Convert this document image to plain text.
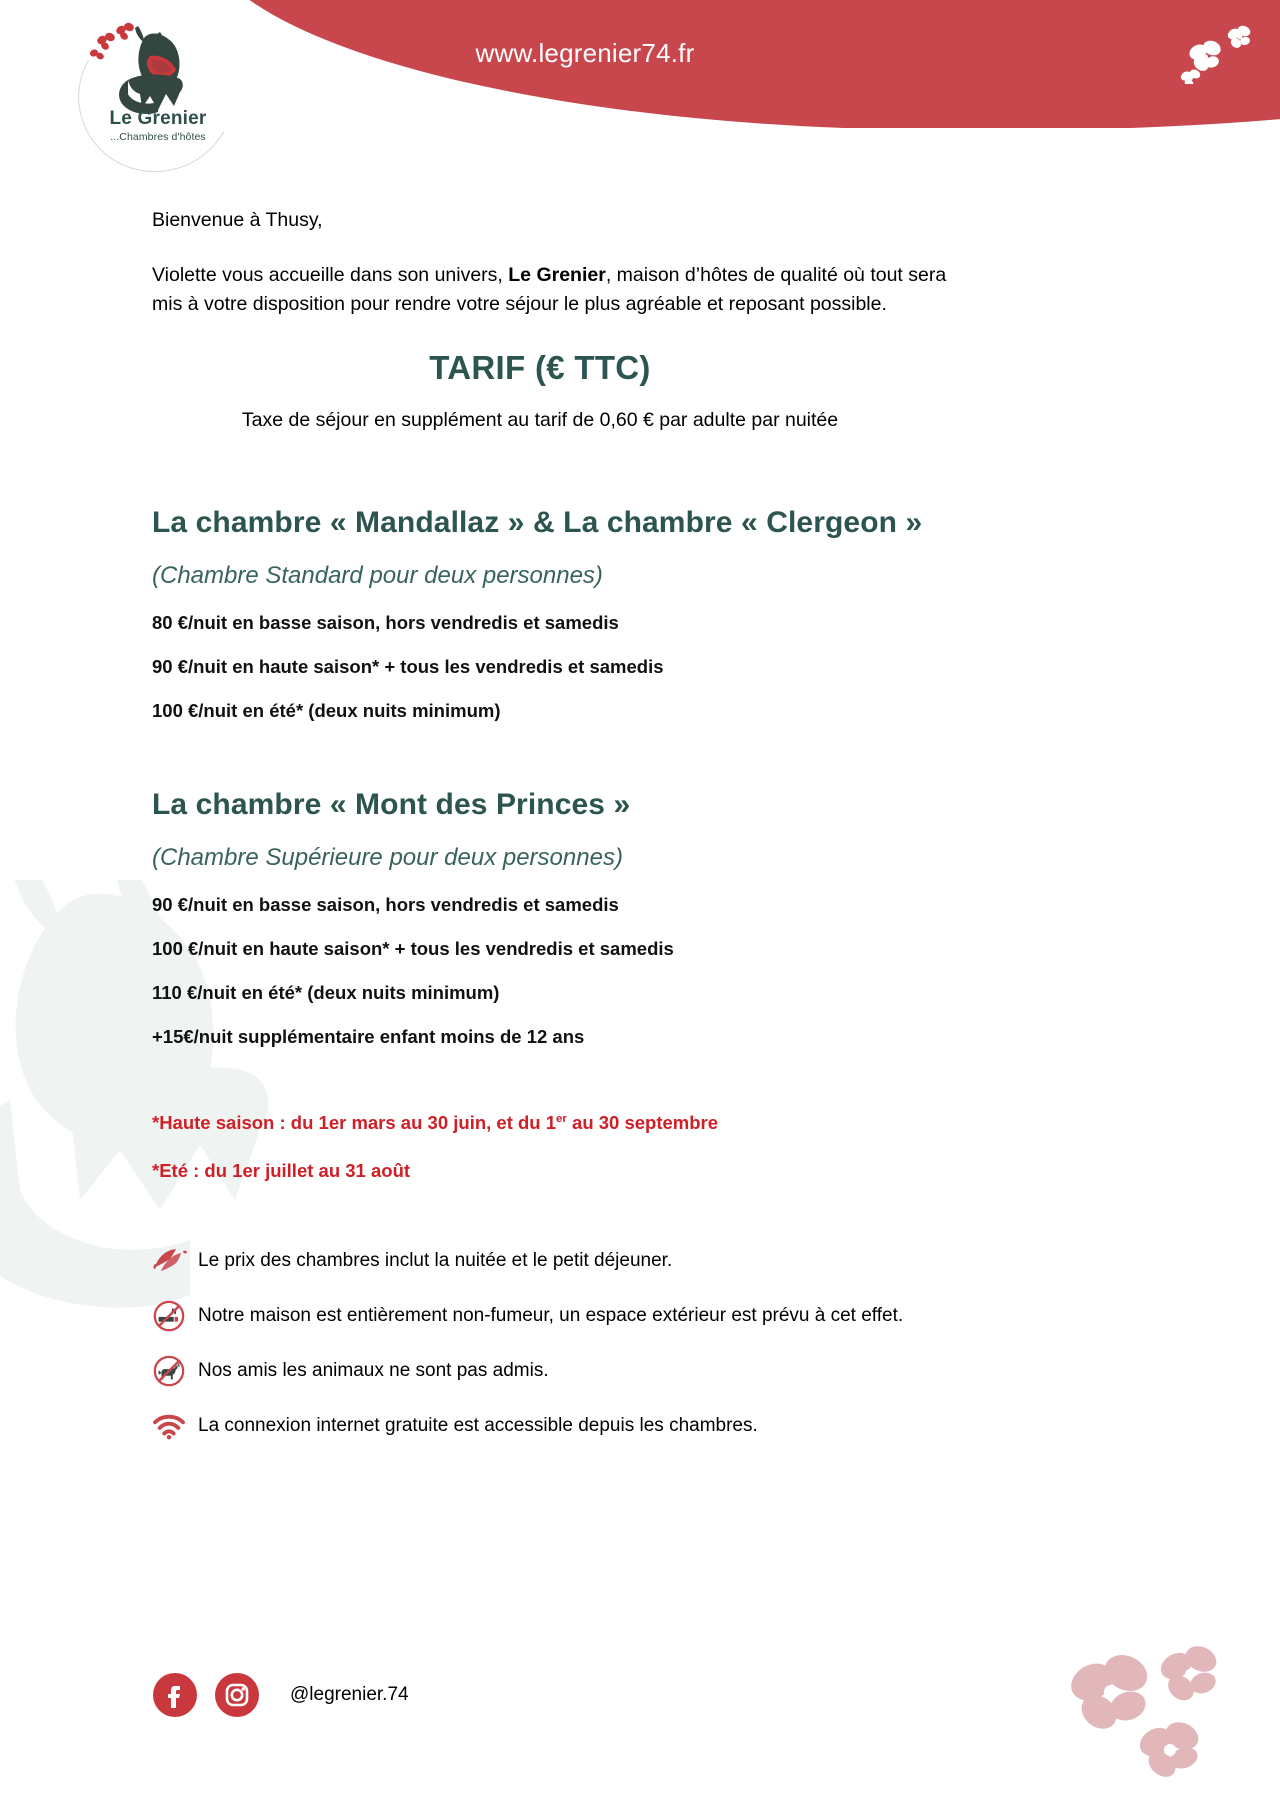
www.legrenier74.fr
Le Grenier
...Chambres d'hôtes

Bienvenue à Thusy,

Violette vous accueille dans son univers, Le Grenier, maison d’hôtes de qualité où tout sera mis à votre disposition pour rendre votre séjour le plus agréable et reposant possible.

TARIF (€ TTC)

Taxe de séjour en supplément au tarif de 0,60 € par adulte par nuitée

La chambre « Mandallaz » & La chambre « Clergeon »

(Chambre Standard pour deux personnes)

80 €/nuit en basse saison, hors vendredis et samedis

90 €/nuit en haute saison* + tous les vendredis et samedis

100 €/nuit en été* (deux nuits minimum)

La chambre « Mont des Princes »

(Chambre Supérieure pour deux personnes)

90 €/nuit en basse saison, hors vendredis et samedis

100 €/nuit en haute saison* + tous les vendredis et samedis

110 €/nuit en été* (deux nuits minimum)

+15€/nuit supplémentaire enfant moins de 12 ans

*Haute saison : du 1er mars au 30 juin, et du 1er au 30 septembre

*Eté : du 1er juillet au 31 août

Le prix des chambres inclut la nuitée et le petit déjeuner.
Notre maison est entièrement non-fumeur, un espace extérieur est prévu à cet effet.
Nos amis les animaux ne sont pas admis.
La connexion internet gratuite est accessible depuis les chambres.
@legrenier.74
